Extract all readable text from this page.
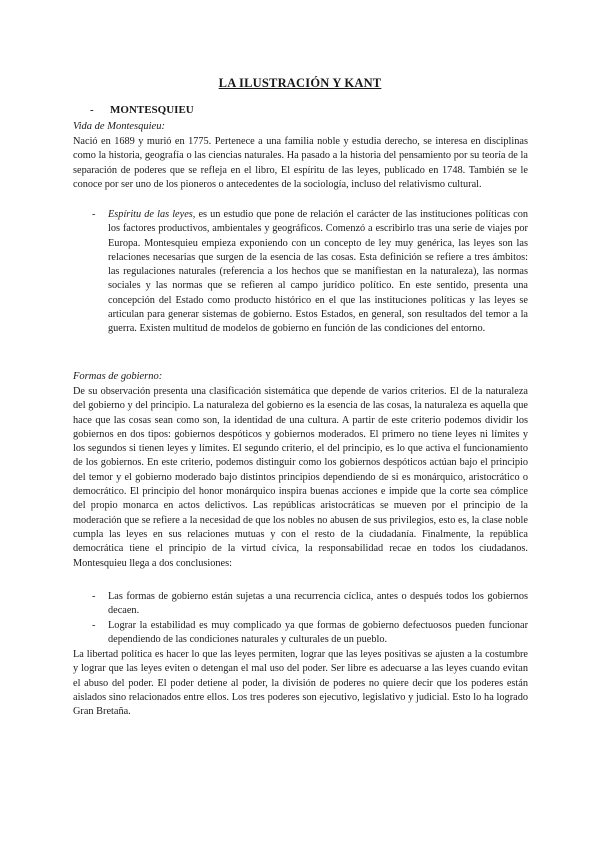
LA ILUSTRACIÓN Y KANT
- MONTESQUIEU
Vida de Montesquieu:

Nació en 1689 y murió en 1775. Pertenece a una familia noble y estudia derecho, se interesa en disciplinas como la historia, geografía o las ciencias naturales. Ha pasado a la historia del pensamiento por su teoría de la separación de poderes que se refleja en el libro, El espíritu de las leyes, publicado en 1748. También se le conoce por ser uno de los pioneros o antecedentes de la sociología, incluso del relativismo cultural.

- Espíritu de las leyes, es un estudio que pone de relación el carácter de las instituciones políticas con los factores productivos, ambientales y geográficos. Comenzó a escribirlo tras una serie de viajes por Europa. Montesquieu empieza exponiendo con un concepto de ley muy genérica, las leyes son las relaciones necesarias que surgen de la esencia de las cosas. Esta definición se refiere a tres ámbitos: las regulaciones naturales (referencia a los hechos que se manifiestan en la naturaleza), las normas sociales y las normas que se refieren al campo jurídico político. En este sentido, presenta una concepción del Estado como producto histórico en el que las instituciones políticas y las leyes se articulan para generar sistemas de gobierno. Estos Estados, en general, son resultados del temor a la guerra. Existen multitud de modelos de gobierno en función de las condiciones del entorno.
Formas de gobierno:

De su observación presenta una clasificación sistemática que depende de varios criterios. El de la naturaleza del gobierno y del principio. La naturaleza del gobierno es la esencia de las cosas, la naturaleza es aquella que hace que las cosas sean como son, la identidad de una cultura. A partir de este criterio podemos dividir los gobiernos en dos tipos: gobiernos despóticos y gobiernos moderados. El primero no tiene leyes ni límites y los segundos si tienen leyes y límites. El segundo criterio, el del principio, es lo que activa el funcionamiento de los gobiernos. En este criterio, podemos distinguir como los gobiernos despóticos actúan bajo el principio del temor y el gobierno moderado bajo distintos principios dependiendo de si es monárquico, aristocrático o democrático. El principio del honor monárquico inspira buenas acciones e impide que la corte sea cómplice del propio monarca en actos delictivos. Las repúblicas aristocráticas se mueven por el principio de la moderación que se refiere a la necesidad de que los nobles no abusen de sus privilegios, esto es, la clase noble cumpla las leyes en sus relaciones mutuas y con el resto de la ciudadanía. Finalmente, la república democrática tiene el principio de la virtud cívica, la responsabilidad recae en todos los ciudadanos. Montesquieu llega a dos conclusiones:

- Las formas de gobierno están sujetas a una recurrencia cíclica, antes o después todos los gobiernos decaen.
- Lograr la estabilidad es muy complicado ya que formas de gobierno defectuosos pueden funcionar dependiendo de las condiciones naturales y culturales de un pueblo.

La libertad política es hacer lo que las leyes permiten, lograr que las leyes positivas se ajusten a la costumbre y lograr que las leyes eviten o detengan el mal uso del poder. Ser libre es adecuarse a las leyes cuando evitan el abuso del poder. El poder detiene al poder, la división de poderes no quiere decir que los poderes están aislados sino relacionados entre ellos. Los tres poderes son ejecutivo, legislativo y judicial. Esto lo ha logrado Gran Bretaña.
